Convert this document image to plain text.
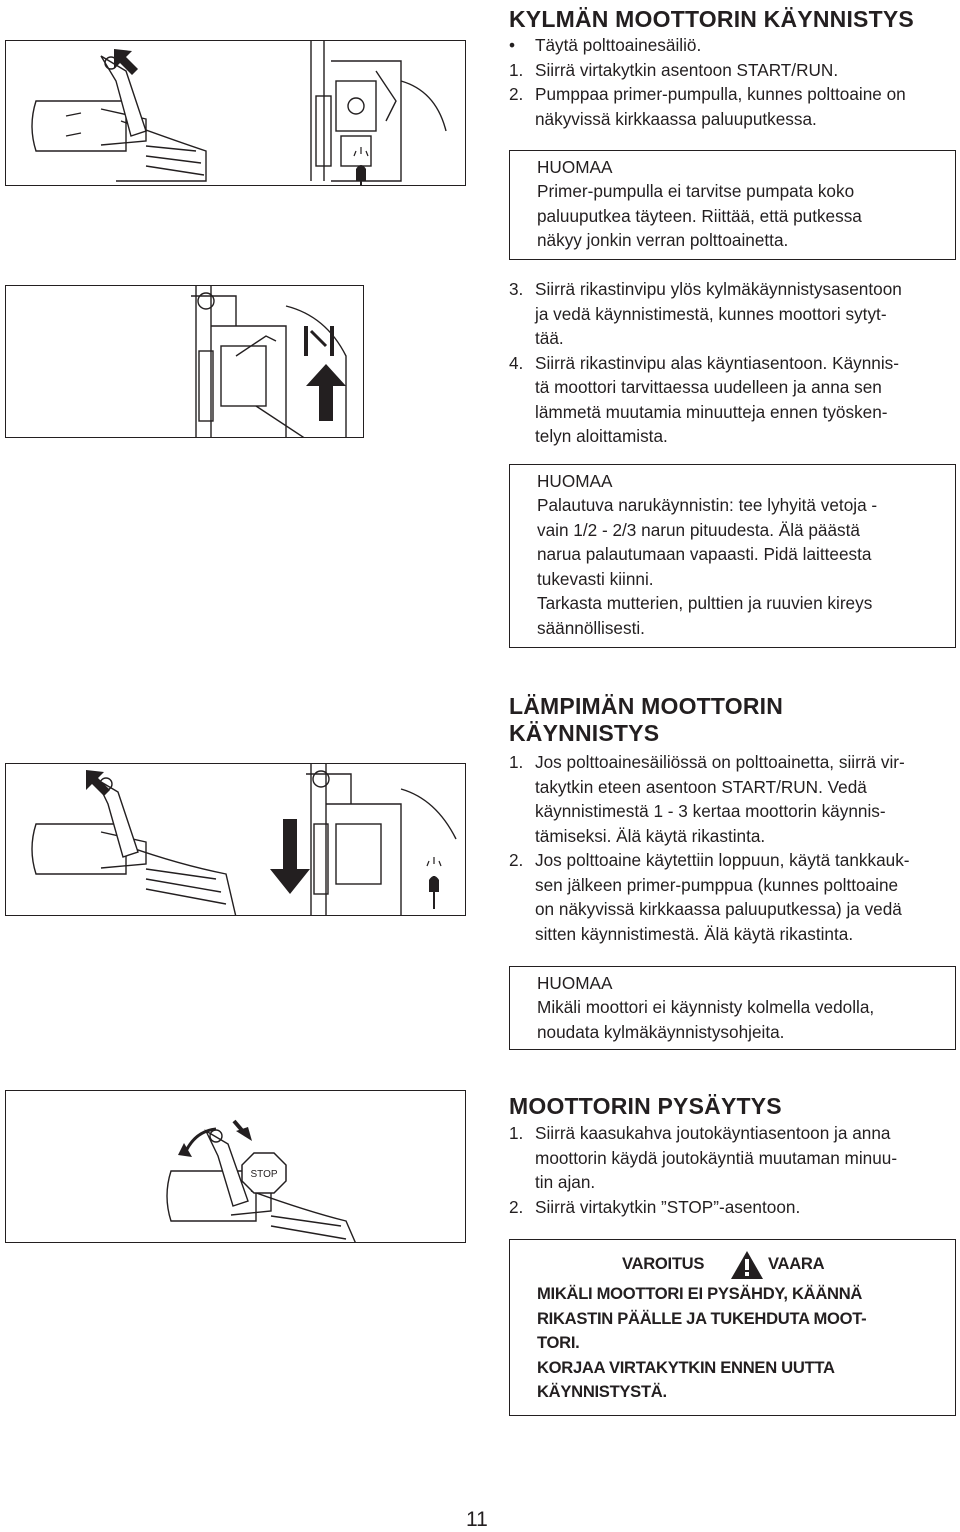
KYLMÄN MOOTTORIN KÄYNNISTYS
• Täytä polttoainesäiliö.
1. Siirrä virtakytkin asentoon START/RUN.
2. Pumppaa primer-pumpulla, kunnes polttoaine on
näkyvissä kirkkaassa paluuputkessa.
HUOMAA
Primer-pumpulla ei tarvitse pumpata koko
paluuputkea täyteen. Riittää, että putkessa
näkyy jonkin verran polttoainetta.
3. Siirrä rikastinvipu ylös kylmäkäynnistysasentoon
ja vedä käynnistimestä, kunnes moottori sytyt-
tää.
4. Siirrä rikastinvipu alas käyntiasentoon. Käynnis-
tä moottori tarvittaessa uudelleen ja anna sen
lämmetä muutamia minuutteja ennen työsken-
telyn aloittamista.
HUOMAA
Palautuva narukäynnistin: tee lyhyitä vetoja -
vain 1/2 - 2/3 narun pituudesta. Älä päästä
narua palautumaan vapaasti. Pidä laitteesta
tukevasti kiinni.
Tarkasta mutterien, pulttien ja ruuvien kireys
säännöllisesti.
LÄMPIMÄN MOOTTORIN
KÄYNNISTYS
1. Jos polttoainesäiliössä on polttoainetta, siirrä vir-
takytkin eteen asentoon START/RUN. Vedä
käynnistimestä 1 - 3 kertaa moottorin käynnis-
tämiseksi. Älä käytä rikastinta.
2. Jos polttoaine käytettiin loppuun, käytä tankkauk-
sen jälkeen primer-pumppua (kunnes polttoaine
on näkyvissä kirkkaassa paluuputkessa) ja vedä
sitten käynnistimestä. Älä käytä rikastinta.
HUOMAA
Mikäli moottori ei käynnisty kolmella vedolla,
noudata kylmäkäynnistysohjeita.
MOOTTORIN PYSÄYTYS
1. Siirrä kaasukahva joutokäyntiasentoon ja anna
moottorin käydä joutokäyntiä muutaman minuu-
tin ajan.
2. Siirrä virtakytkin ”STOP”-asentoon.
VAROITUS	VAARA
MIKÄLI MOOTTORI EI PYSÄHDY, KÄÄNNÄ
RIKASTIN PÄÄLLE JA TUKEHDUTA MOOT-
TORI.
KORJAA VIRTAKYTKIN ENNEN UUTTA
KÄYNNISTYSTÄ.
STOP
11
